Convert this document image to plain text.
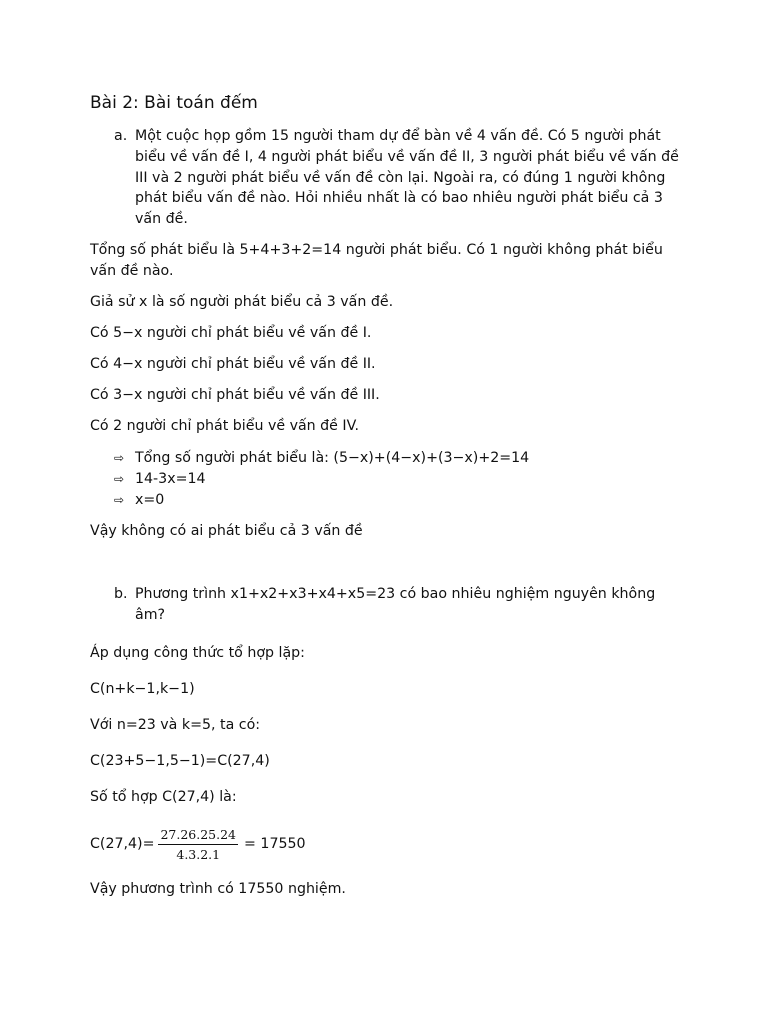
Bài 2: Bài toán đếm
a. Một cuộc họp gồm 15 người tham dự để bàn về 4 vấn đề. Có 5 người phát biểu về vấn đề I, 4 người phát biểu về vấn đề II, 3 người phát biểu về vấn đề III và 2 người phát biểu về vấn đề còn lại. Ngoài ra, có đúng 1 người không phát biểu vấn đề nào. Hỏi nhiều nhất là có bao nhiêu người phát biểu cả 3 vấn đề.
Tổng số phát biểu là 5+4+3+2=14 người phát biểu. Có 1 người không phát biểu vấn đề nào.
Giả sử x là số người phát biểu cả 3 vấn đề.
Có 5−x người chỉ phát biểu về vấn đề I.
Có 4−x người chỉ phát biểu về vấn đề II.
Có 3−x người chỉ phát biểu về vấn đề III.
Có 2 người chỉ phát biểu về vấn đề IV.
⇨ Tổng số người phát biểu là: (5−x)+(4−x)+(3−x)+2=14
⇨ 14-3x=14
⇨ x=0
Vậy không có ai phát biểu cả 3 vấn đề
b. Phương trình x1+x2+x3+x4+x5=23 có bao nhiêu nghiệm nguyên không âm?
Áp dụng công thức tổ hợp lặp:
C(n+k−1,k−1)
Với n=23 và k=5, ta có:
C(23+5−1,5−1)=C(27,4)
Số tổ hợp C(27,4) là:
$C(27,4)= \frac{27.26.25.24}{4.3.2.1} = 17550$
Vậy phương trình có 17550 nghiệm.
